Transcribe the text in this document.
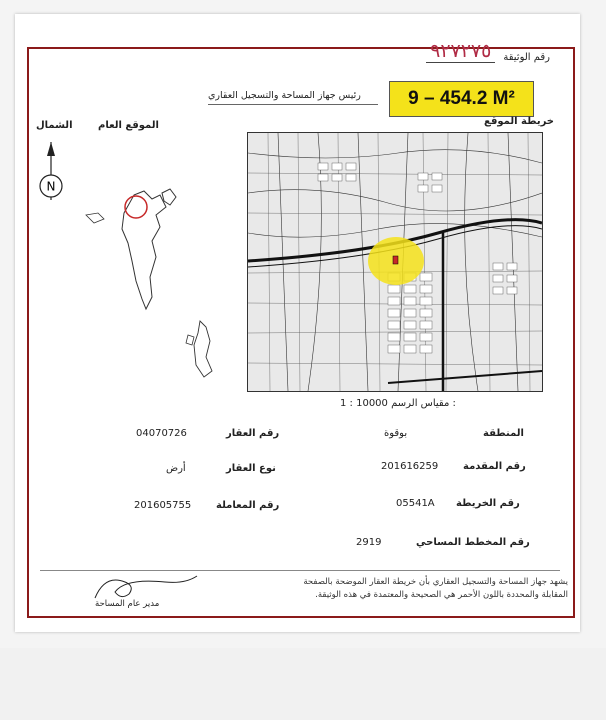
٩٢٧٢٧٥	رقم الوثيقة
9 – 454.2 M²
رئيس جهاز المساحة والتسجيل العقاري
الشمال	الموقع العام	خريطة الموقع
N
1 : 10000 مقياس الرسم :
المنطقة
بوقوة
رقم المقدمة
201616259
رقم الخريطة
05541A
رقم المخطط المساحي
2919
رقم العقار
04070726
نوع العقار
أرض
رقم المعاملة
201605755
يشهد جهاز المساحة والتسجيل العقاري بأن خريطة العقار الموضحة بالصفحة
المقابلة والمحددة باللون الأحمر هي الصحيحة والمعتمدة في هذه الوثيقة.
مدير عام المساحة
